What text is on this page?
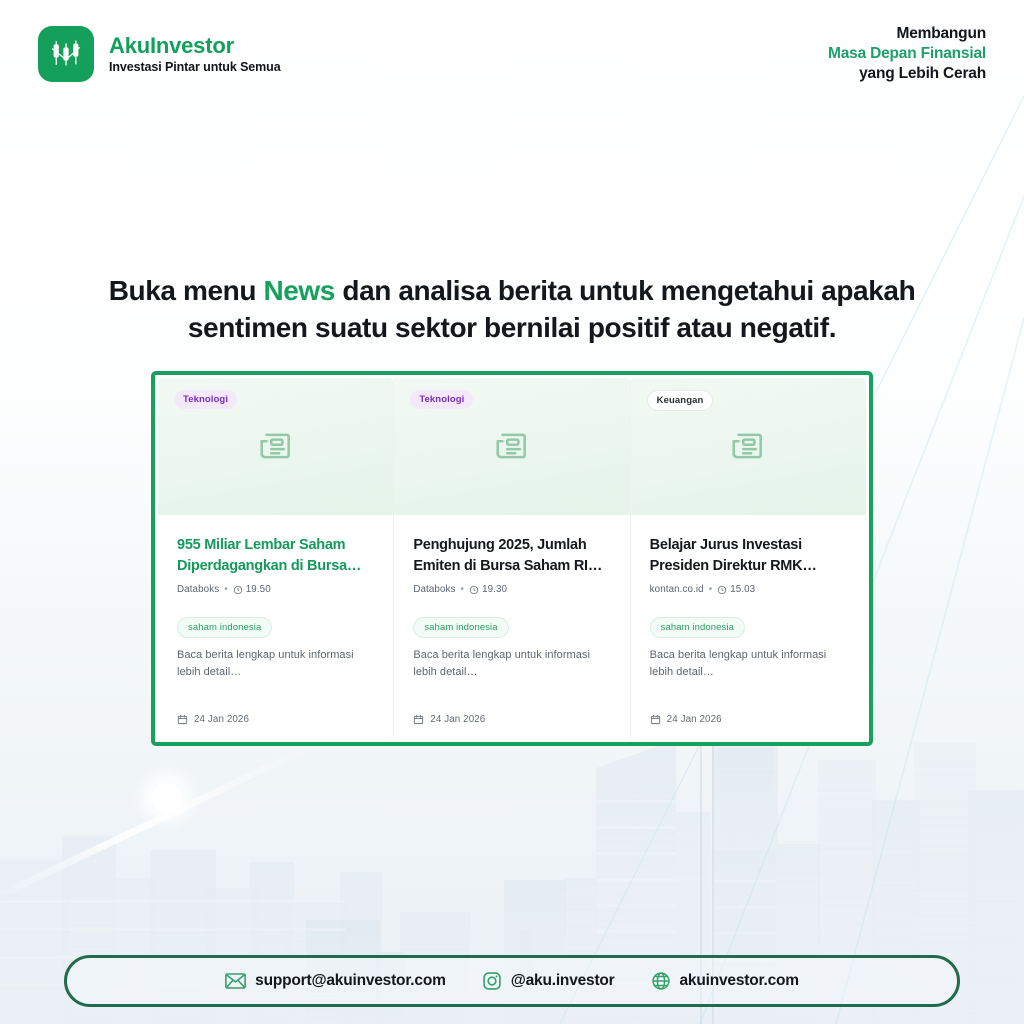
AkuInvestor
Investasi Pintar untuk Semua
Membangun
Masa Depan Finansial
yang Lebih Cerah
Buka menu News dan analisa berita untuk mengetahui apakah sentimen suatu sektor bernilai positif atau negatif.
Teknologi
955 Miliar Lembar Saham Diperdagangkan di Bursa…
Databoks • 19.50
saham indonesia
Baca berita lengkap untuk informasi lebih detail…
24 Jan 2026
Teknologi
Penghujung 2025, Jumlah Emiten di Bursa Saham RI…
Databoks • 19.30
saham indonesia
Baca berita lengkap untuk informasi lebih detail…
24 Jan 2026
Keuangan
Belajar Jurus Investasi Presiden Direktur RMK…
kontan.co.id • 15.03
saham indonesia
Baca berita lengkap untuk informasi lebih detail…
24 Jan 2026
support@akuinvestor.com	@aku.investor	akuinvestor.com
